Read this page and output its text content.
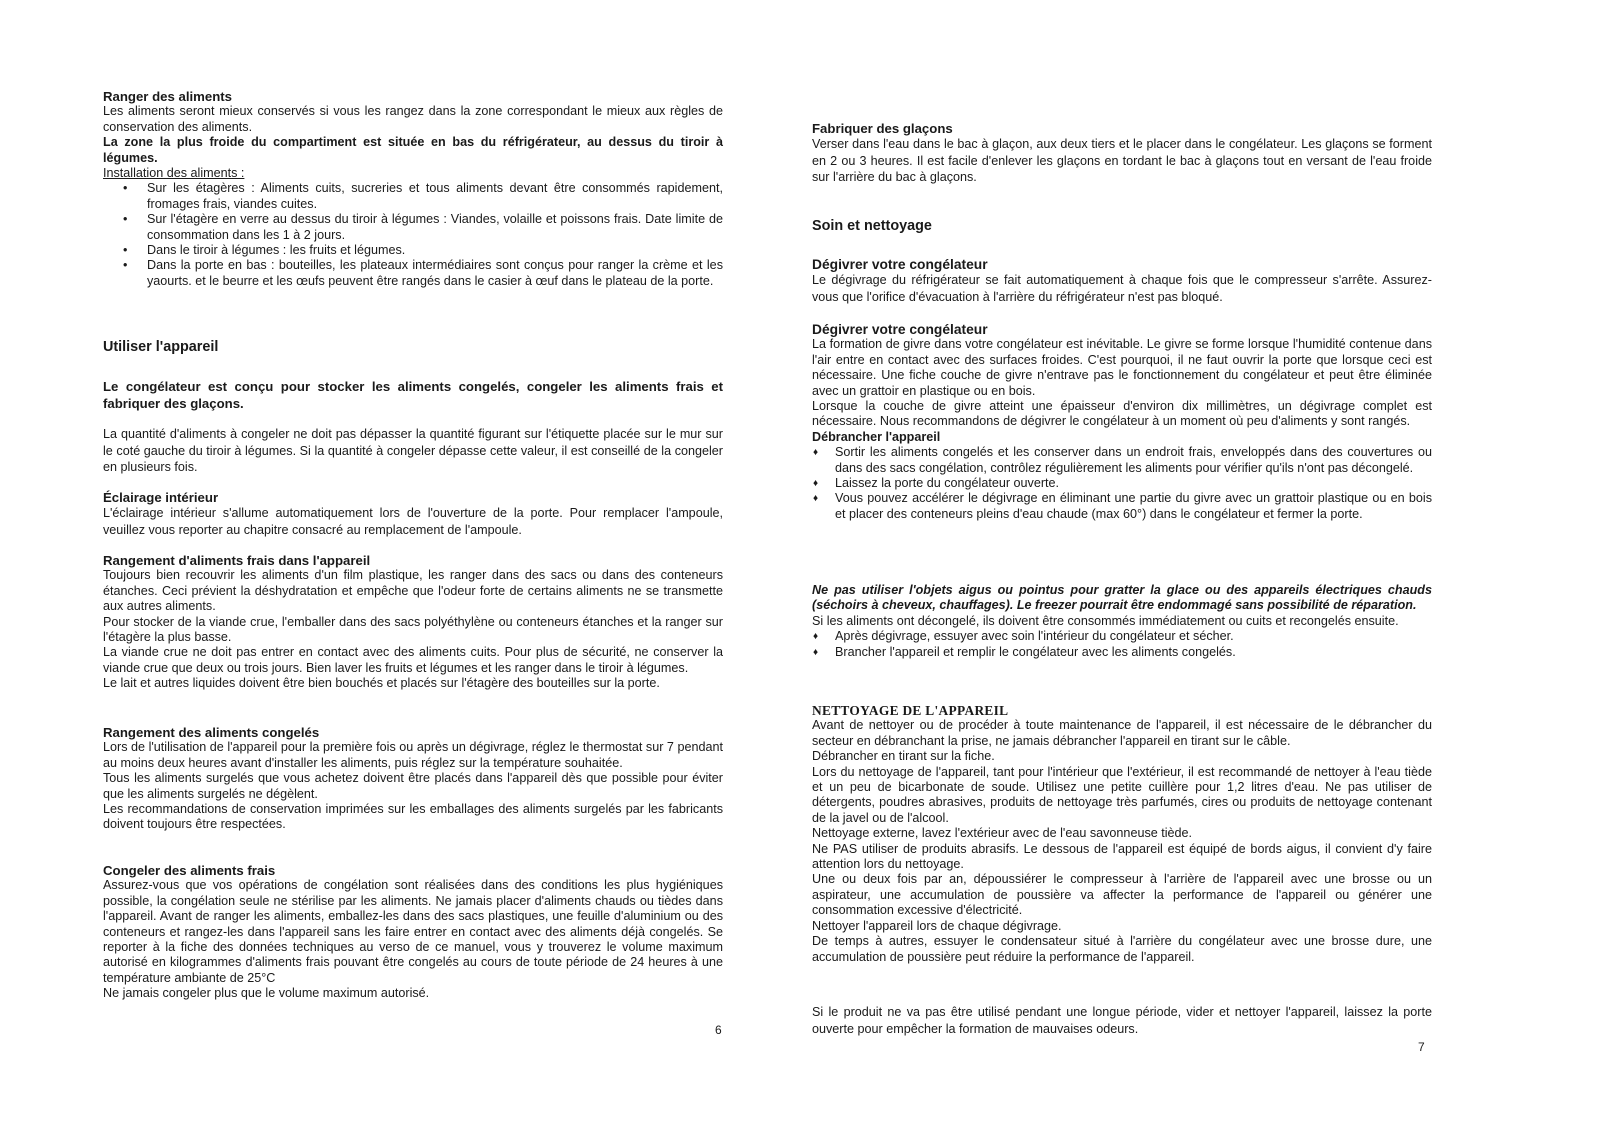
Ranger des aliments

Les aliments seront mieux conservés si vous les rangez dans la zone correspondant le mieux aux règles de conservation des aliments.

La zone la plus froide du compartiment est située en bas du réfrigérateur, au dessus du tiroir à légumes.

Installation des aliments :
• Sur les étagères : Aliments cuits, sucreries et tous aliments devant être consommés rapidement, fromages frais, viandes cuites.
• Sur l'étagère en verre au dessus du tiroir à légumes : Viandes, volaille et poissons frais. Date limite de consommation dans les 1 à 2 jours.
• Dans le tiroir à légumes : les fruits et légumes.
• Dans la porte en bas : bouteilles, les plateaux intermédiaires sont conçus pour ranger la crème et les yaourts. et le beurre et les œufs peuvent être rangés dans le casier à œuf dans le plateau de la porte.
Utiliser l'appareil

Le congélateur est conçu pour stocker les aliments congelés, congeler les aliments frais et fabriquer des glaçons.

La quantité d'aliments à congeler ne doit pas dépasser la quantité figurant sur l'étiquette placée sur le mur sur le coté gauche du tiroir à légumes. Si la quantité à congeler dépasse cette valeur, il est conseillé de la congeler en plusieurs fois.

Éclairage intérieur

L'éclairage intérieur s'allume automatiquement lors de l'ouverture de la porte. Pour remplacer l'ampoule, veuillez vous reporter au chapitre consacré au remplacement de l'ampoule.

Rangement d'aliments frais dans l'appareil

Toujours bien recouvrir les aliments d'un film plastique, les ranger dans des sacs ou dans des conteneurs étanches. Ceci prévient la déshydratation et empêche que l'odeur forte de certains aliments ne se transmette aux autres aliments.

Pour stocker de la viande crue, l'emballer dans des sacs polyéthylène ou conteneurs étanches et la ranger sur l'étagère la plus basse.

La viande crue ne doit pas entrer en contact avec des aliments cuits. Pour plus de sécurité, ne conserver la viande crue que deux ou trois jours. Bien laver les fruits et légumes et les ranger dans le tiroir à légumes.

Le lait et autres liquides doivent être bien bouchés et placés sur l'étagère des bouteilles sur la porte.

Rangement des aliments congelés

Lors de l'utilisation de l'appareil pour la première fois ou après un dégivrage, réglez le thermostat sur 7 pendant au moins deux heures avant d'installer les aliments, puis réglez sur la température souhaitée.

Tous les aliments surgelés que vous achetez doivent être placés dans l'appareil dès que possible pour éviter que les aliments surgelés ne dégèlent.

Les recommandations de conservation imprimées sur les emballages des aliments surgelés par les fabricants doivent toujours être respectées.

Congeler des aliments frais

Assurez-vous que vos opérations de congélation sont réalisées dans des conditions les plus hygiéniques possible, la congélation seule ne stérilise par les aliments. Ne jamais placer d'aliments chauds ou tièdes dans l'appareil. Avant de ranger les aliments, emballez-les dans des sacs plastiques, une feuille d'aluminium ou des conteneurs et rangez-les dans l'appareil sans les faire entrer en contact avec des aliments déjà congelés. Se reporter à la fiche des données techniques au verso de ce manuel, vous y trouverez le volume maximum autorisé en kilogrammes d'aliments frais pouvant être congelés au cours de toute période de 24 heures à une température ambiante de 25°C

Ne jamais congeler plus que le volume maximum autorisé.

6
Fabriquer des glaçons

Verser dans l'eau dans le bac à glaçon, aux deux tiers et le placer dans le congélateur. Les glaçons se forment en 2 ou 3 heures. Il est facile d'enlever les glaçons en tordant le bac à glaçons tout en versant de l'eau froide sur l'arrière du bac à glaçons.

Soin et nettoyage
Dégivrer votre congélateur

Le dégivrage du réfrigérateur se fait automatiquement à chaque fois que le compresseur s'arrête. Assurez-vous que l'orifice d'évacuation à l'arrière du réfrigérateur n'est pas bloqué.

Dégivrer votre congélateur

La formation de givre dans votre congélateur est inévitable. Le givre se forme lorsque l'humidité contenue dans l'air entre en contact avec des surfaces froides. C'est pourquoi, il ne faut ouvrir la porte que lorsque ceci est nécessaire. Une fiche couche de givre n'entrave pas le fonctionnement du congélateur et peut être éliminée avec un grattoir en plastique ou en bois.

Lorsque la couche de givre atteint une épaisseur d'environ dix millimètres, un dégivrage complet est nécessaire. Nous recommandons de dégivrer le congélateur à un moment où peu d'aliments y sont rangés.

Débrancher l'appareil
♦ Sortir les aliments congelés et les conserver dans un endroit frais, enveloppés dans des couvertures ou dans des sacs congélation, contrôlez régulièrement les aliments pour vérifier qu'ils n'ont pas décongelé.
♦ Laissez la porte du congélateur ouverte.
♦ Vous pouvez accélérer le dégivrage en éliminant une partie du givre avec un grattoir plastique ou en bois et placer des conteneurs pleins d'eau chaude (max 60°) dans le congélateur et fermer la porte.

Ne pas utiliser l'objets aigus ou pointus pour gratter la glace ou des appareils électriques chauds (séchoirs à cheveux, chauffages). Le freezer pourrait être endommagé sans possibilité de réparation.

Si les aliments ont décongelé, ils doivent être consommés immédiatement ou cuits et recongelés ensuite.

♦ Après dégivrage, essuyer avec soin l'intérieur du congélateur et sécher.
♦ Brancher l'appareil et remplir le congélateur avec les aliments congelés.
NETTOYAGE DE L'APPAREIL

Avant de nettoyer ou de procéder à toute maintenance de l'appareil, il est nécessaire de le débrancher du secteur en débranchant la prise, ne jamais débrancher l'appareil en tirant sur le câble.

Débrancher en tirant sur la fiche.

Lors du nettoyage de l'appareil, tant pour l'intérieur que l'extérieur, il est recommandé de nettoyer à l'eau tiède et un peu de bicarbonate de soude. Utilisez une petite cuillère pour 1,2 litres d'eau. Ne pas utiliser de détergents, poudres abrasives, produits de nettoyage très parfumés, cires ou produits de nettoyage contenant de la javel ou de l'alcool.

Nettoyage externe, lavez l'extérieur avec de l'eau savonneuse tiède.

Ne PAS utiliser de produits abrasifs. Le dessous de l'appareil est équipé de bords aigus, il convient d'y faire attention lors du nettoyage.

Une ou deux fois par an, dépoussiérer le compresseur à l'arrière de l'appareil avec une brosse ou un aspirateur, une accumulation de poussière va affecter la performance de l'appareil ou générer une consommation excessive d'électricité.

Nettoyer l'appareil lors de chaque dégivrage.

De temps à autres, essuyer le condensateur situé à l'arrière du congélateur avec une brosse dure, une accumulation de poussière peut réduire la performance de l'appareil.

Si le produit ne va pas être utilisé pendant une longue période, vider et nettoyer l'appareil, laissez la porte ouverte pour empêcher la formation de mauvaises odeurs.

7
